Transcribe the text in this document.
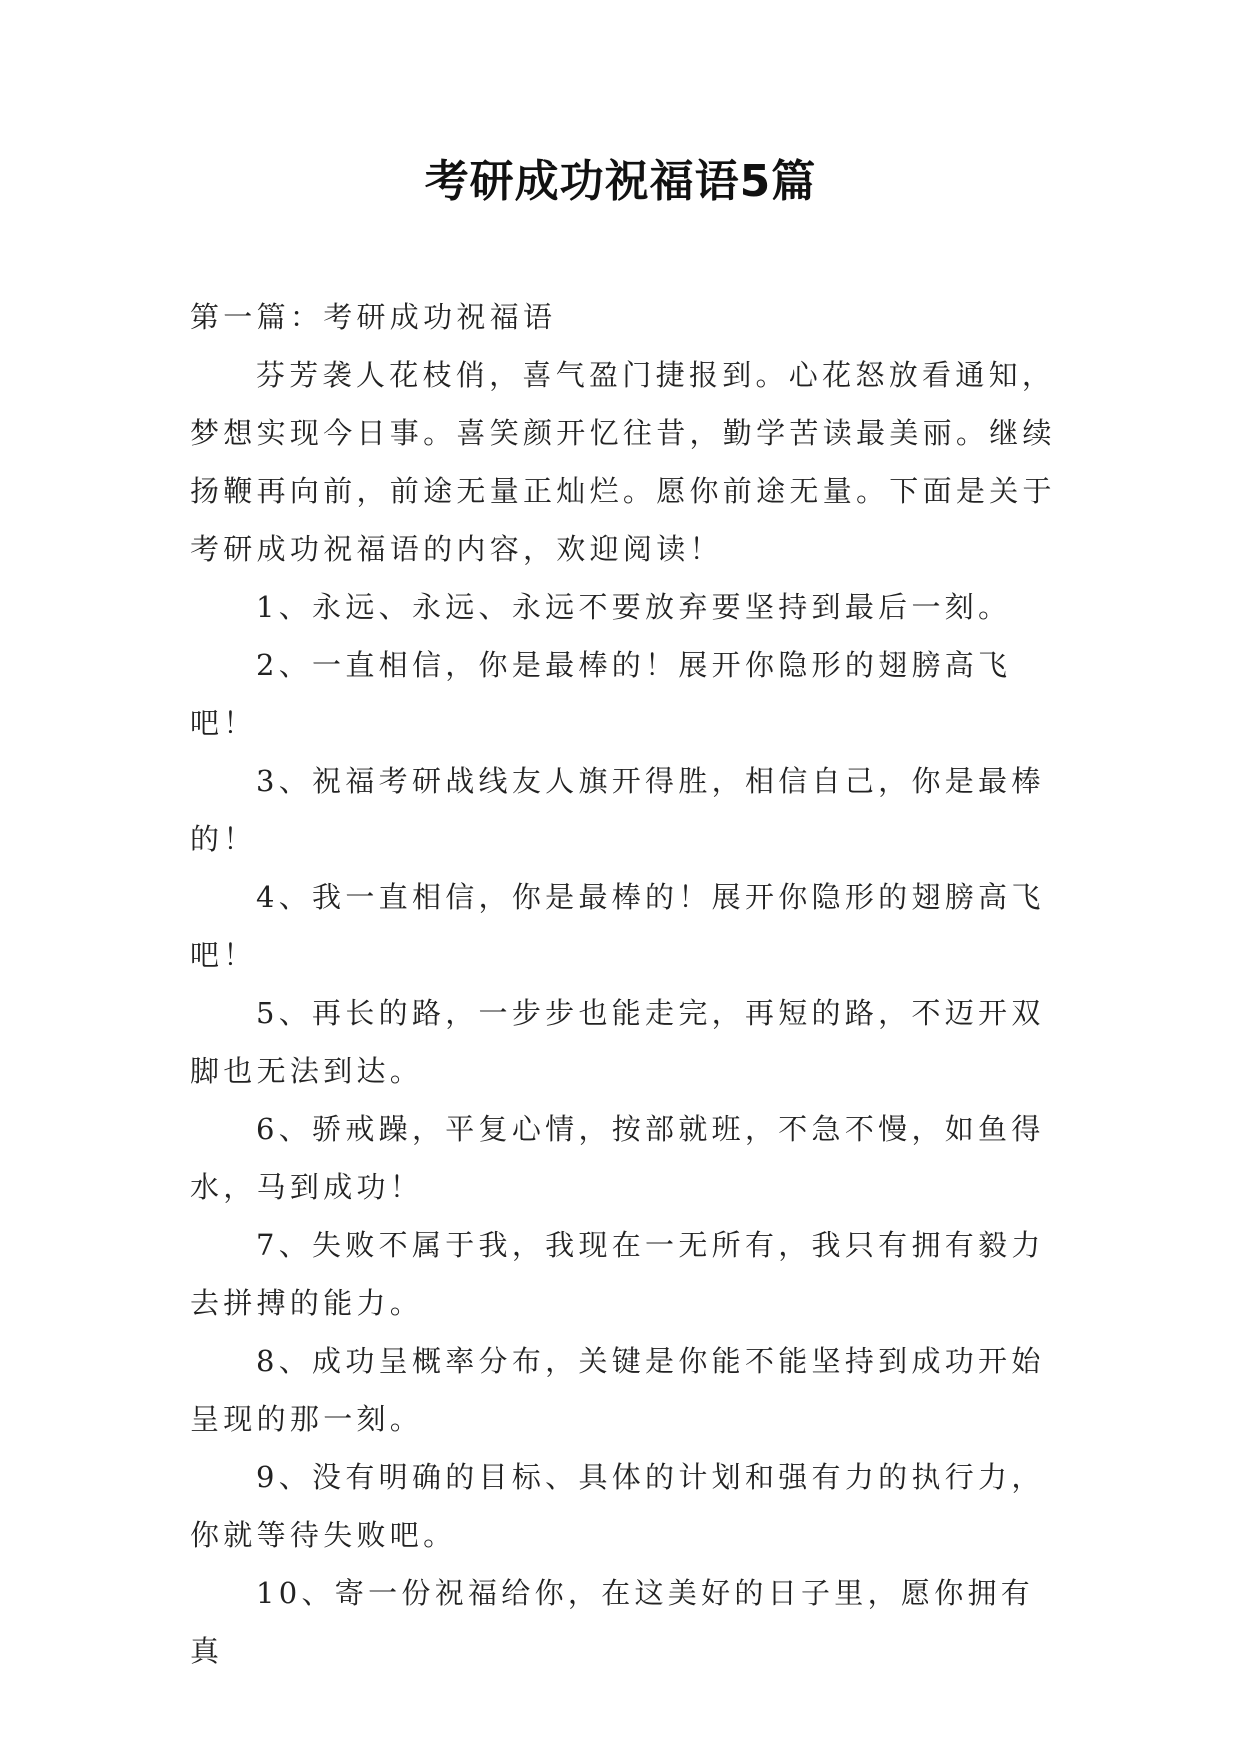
考研成功祝福语5篇

第一篇：考研成功祝福语

芬芳袭人花枝俏，喜气盈门捷报到。心花怒放看通知，梦想实现今日事。喜笑颜开忆往昔，勤学苦读最美丽。继续扬鞭再向前，前途无量正灿烂。愿你前途无量。下面是关于考研成功祝福语的内容，欢迎阅读！

1、永远、永远、永远不要放弃要坚持到最后一刻。

2、一直相信，你是最棒的！展开你隐形的翅膀高飞吧！

3、祝福考研战线友人旗开得胜，相信自己，你是最棒的！

4、我一直相信，你是最棒的！展开你隐形的翅膀高飞吧！

5、再长的路，一步步也能走完，再短的路，不迈开双脚也无法到达。

6、骄戒躁，平复心情，按部就班，不急不慢，如鱼得水，马到成功！

7、失败不属于我，我现在一无所有，我只有拥有毅力去拼搏的能力。

8、成功呈概率分布，关键是你能不能坚持到成功开始呈现的那一刻。

9、没有明确的目标、具体的计划和强有力的执行力，你就等待失败吧。

10、寄一份祝福给你，在这美好的日子里，愿你拥有真
